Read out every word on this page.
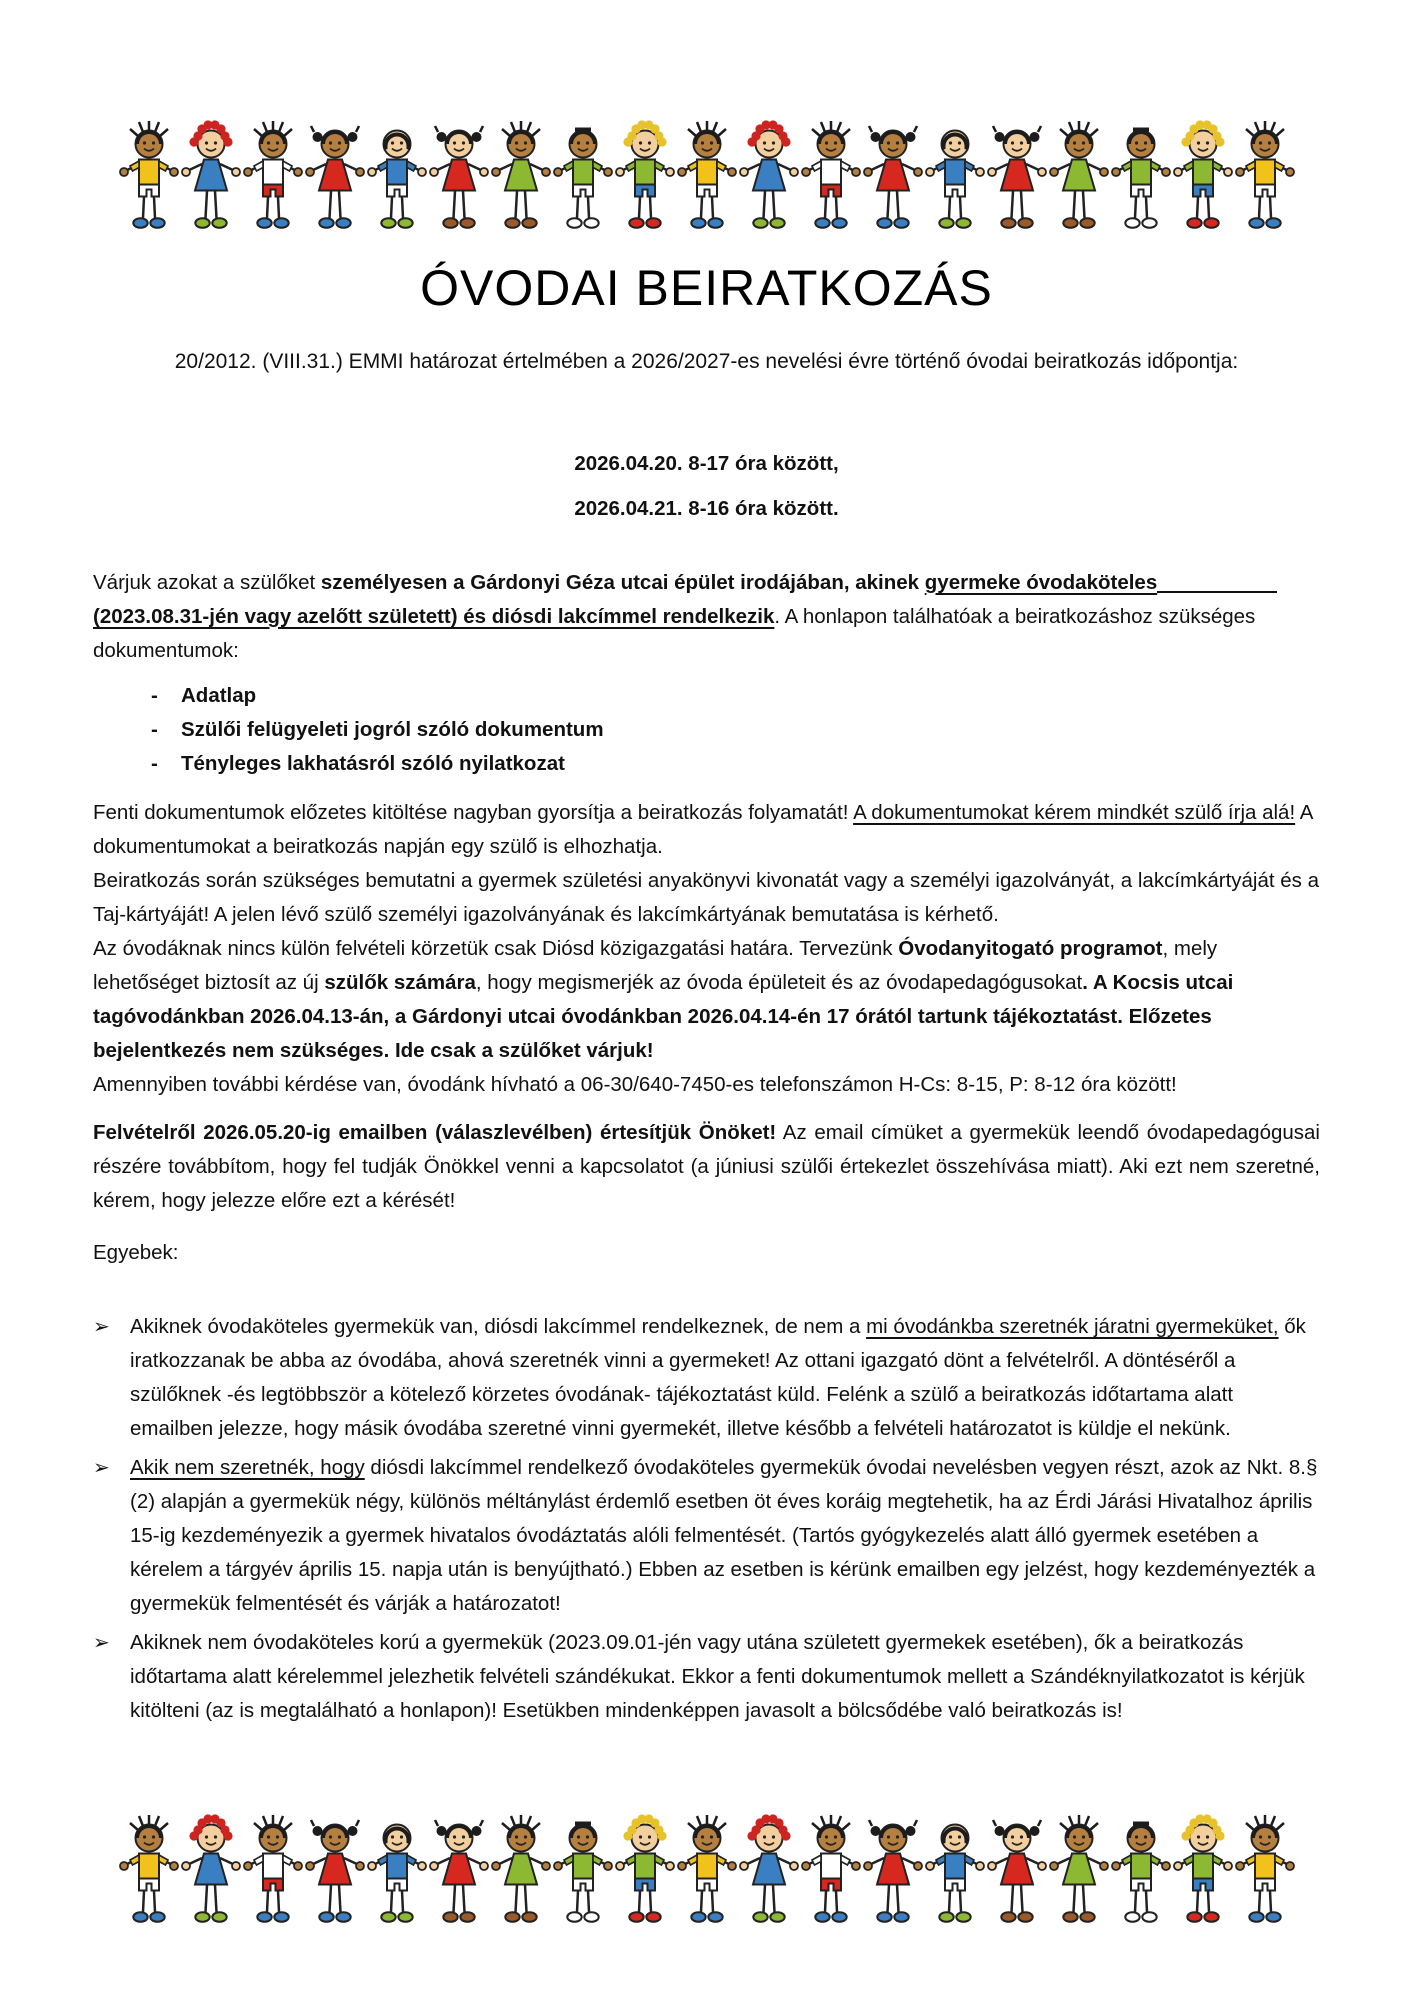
ÓVODAI BEIRATKOZÁS

20/2012. (VIII.31.) EMMI határozat értelmében a 2026/2027-es nevelési évre történő óvodai beiratkozás időpontja:

2026.04.20. 8-17 óra között,

2026.04.21. 8-16 óra között.

Várjuk azokat a szülőket személyesen a Gárdonyi Géza utcai épület irodájában, akinek gyermeke óvodaköteles
(2023.08.31-jén vagy azelőtt született) és diósdi lakcímmel rendelkezik. A honlapon találhatóak a beiratkozáshoz szükséges dokumentumok:

- Adatlap
- Szülői felügyeleti jogról szóló dokumentum
- Tényleges lakhatásról szóló nyilatkozat

Fenti dokumentumok előzetes kitöltése nagyban gyorsítja a beiratkozás folyamatát! A dokumentumokat kérem mindkét szülő írja alá! A dokumentumokat a beiratkozás napján egy szülő is elhozhatja.

Beiratkozás során szükséges bemutatni a gyermek születési anyakönyvi kivonatát vagy a személyi igazolványát, a lakcímkártyáját és a Taj-kártyáját! A jelen lévő szülő személyi igazolványának és lakcímkártyának bemutatása is kérhető.

Az óvodáknak nincs külön felvételi körzetük csak Diósd közigazgatási határa. Tervezünk Óvodanyitogató programot, mely lehetőséget biztosít az új szülők számára, hogy megismerjék az óvoda épületeit és az óvodapedagógusokat. A Kocsis utcai tagóvodánkban 2026.04.13-án, a Gárdonyi utcai óvodánkban 2026.04.14-én 17 órától tartunk tájékoztatást. Előzetes bejelentkezés nem szükséges. Ide csak a szülőket várjuk!

Amennyiben további kérdése van, óvodánk hívható a 06-30/640-7450-es telefonszámon H-Cs: 8-15, P: 8-12 óra között!

Felvételről 2026.05.20-ig emailben (válaszlevélben) értesítjük Önöket! Az email címüket a gyermekük leendő óvodapedagógusai részére továbbítom, hogy fel tudják Önökkel venni a kapcsolatot (a júniusi szülői értekezlet összehívása miatt). Aki ezt nem szeretné, kérem, hogy jelezze előre ezt a kérését!

Egyebek:

➢ Akiknek óvodaköteles gyermekük van, diósdi lakcímmel rendelkeznek, de nem a mi óvodánkba szeretnék járatni gyermeküket, ők iratkozzanak be abba az óvodába, ahová szeretnék vinni a gyermeket! Az ottani igazgató dönt a felvételről. A döntéséről a szülőknek -és legtöbbször a kötelező körzetes óvodának- tájékoztatást küld. Felénk a szülő a beiratkozás időtartama alatt emailben jelezze, hogy másik óvodába szeretné vinni gyermekét, illetve később a felvételi határozatot is küldje el nekünk.
➢ Akik nem szeretnék, hogy diósdi lakcímmel rendelkező óvodaköteles gyermekük óvodai nevelésben vegyen részt, azok az Nkt. 8.§ (2) alapján a gyermekük négy, különös méltánylást érdemlő esetben öt éves koráig megtehetik, ha az Érdi Járási Hivatalhoz április 15-ig kezdeményezik a gyermek hivatalos óvodáztatás alóli felmentését. (Tartós gyógykezelés alatt álló gyermek esetében a kérelem a tárgyév április 15. napja után is benyújtható.) Ebben az esetben is kérünk emailben egy jelzést, hogy kezdeményezték a gyermekük felmentését és várják a határozatot!
➢ Akiknek nem óvodaköteles korú a gyermekük (2023.09.01-jén vagy utána született gyermekek esetében), ők a beiratkozás időtartama alatt kérelemmel jelezhetik felvételi szándékukat. Ekkor a fenti dokumentumok mellett a Szándéknyilatkozatot is kérjük kitölteni (az is megtalálható a honlapon)! Esetükben mindenképpen javasolt a bölcsődébe való beiratkozás is!
